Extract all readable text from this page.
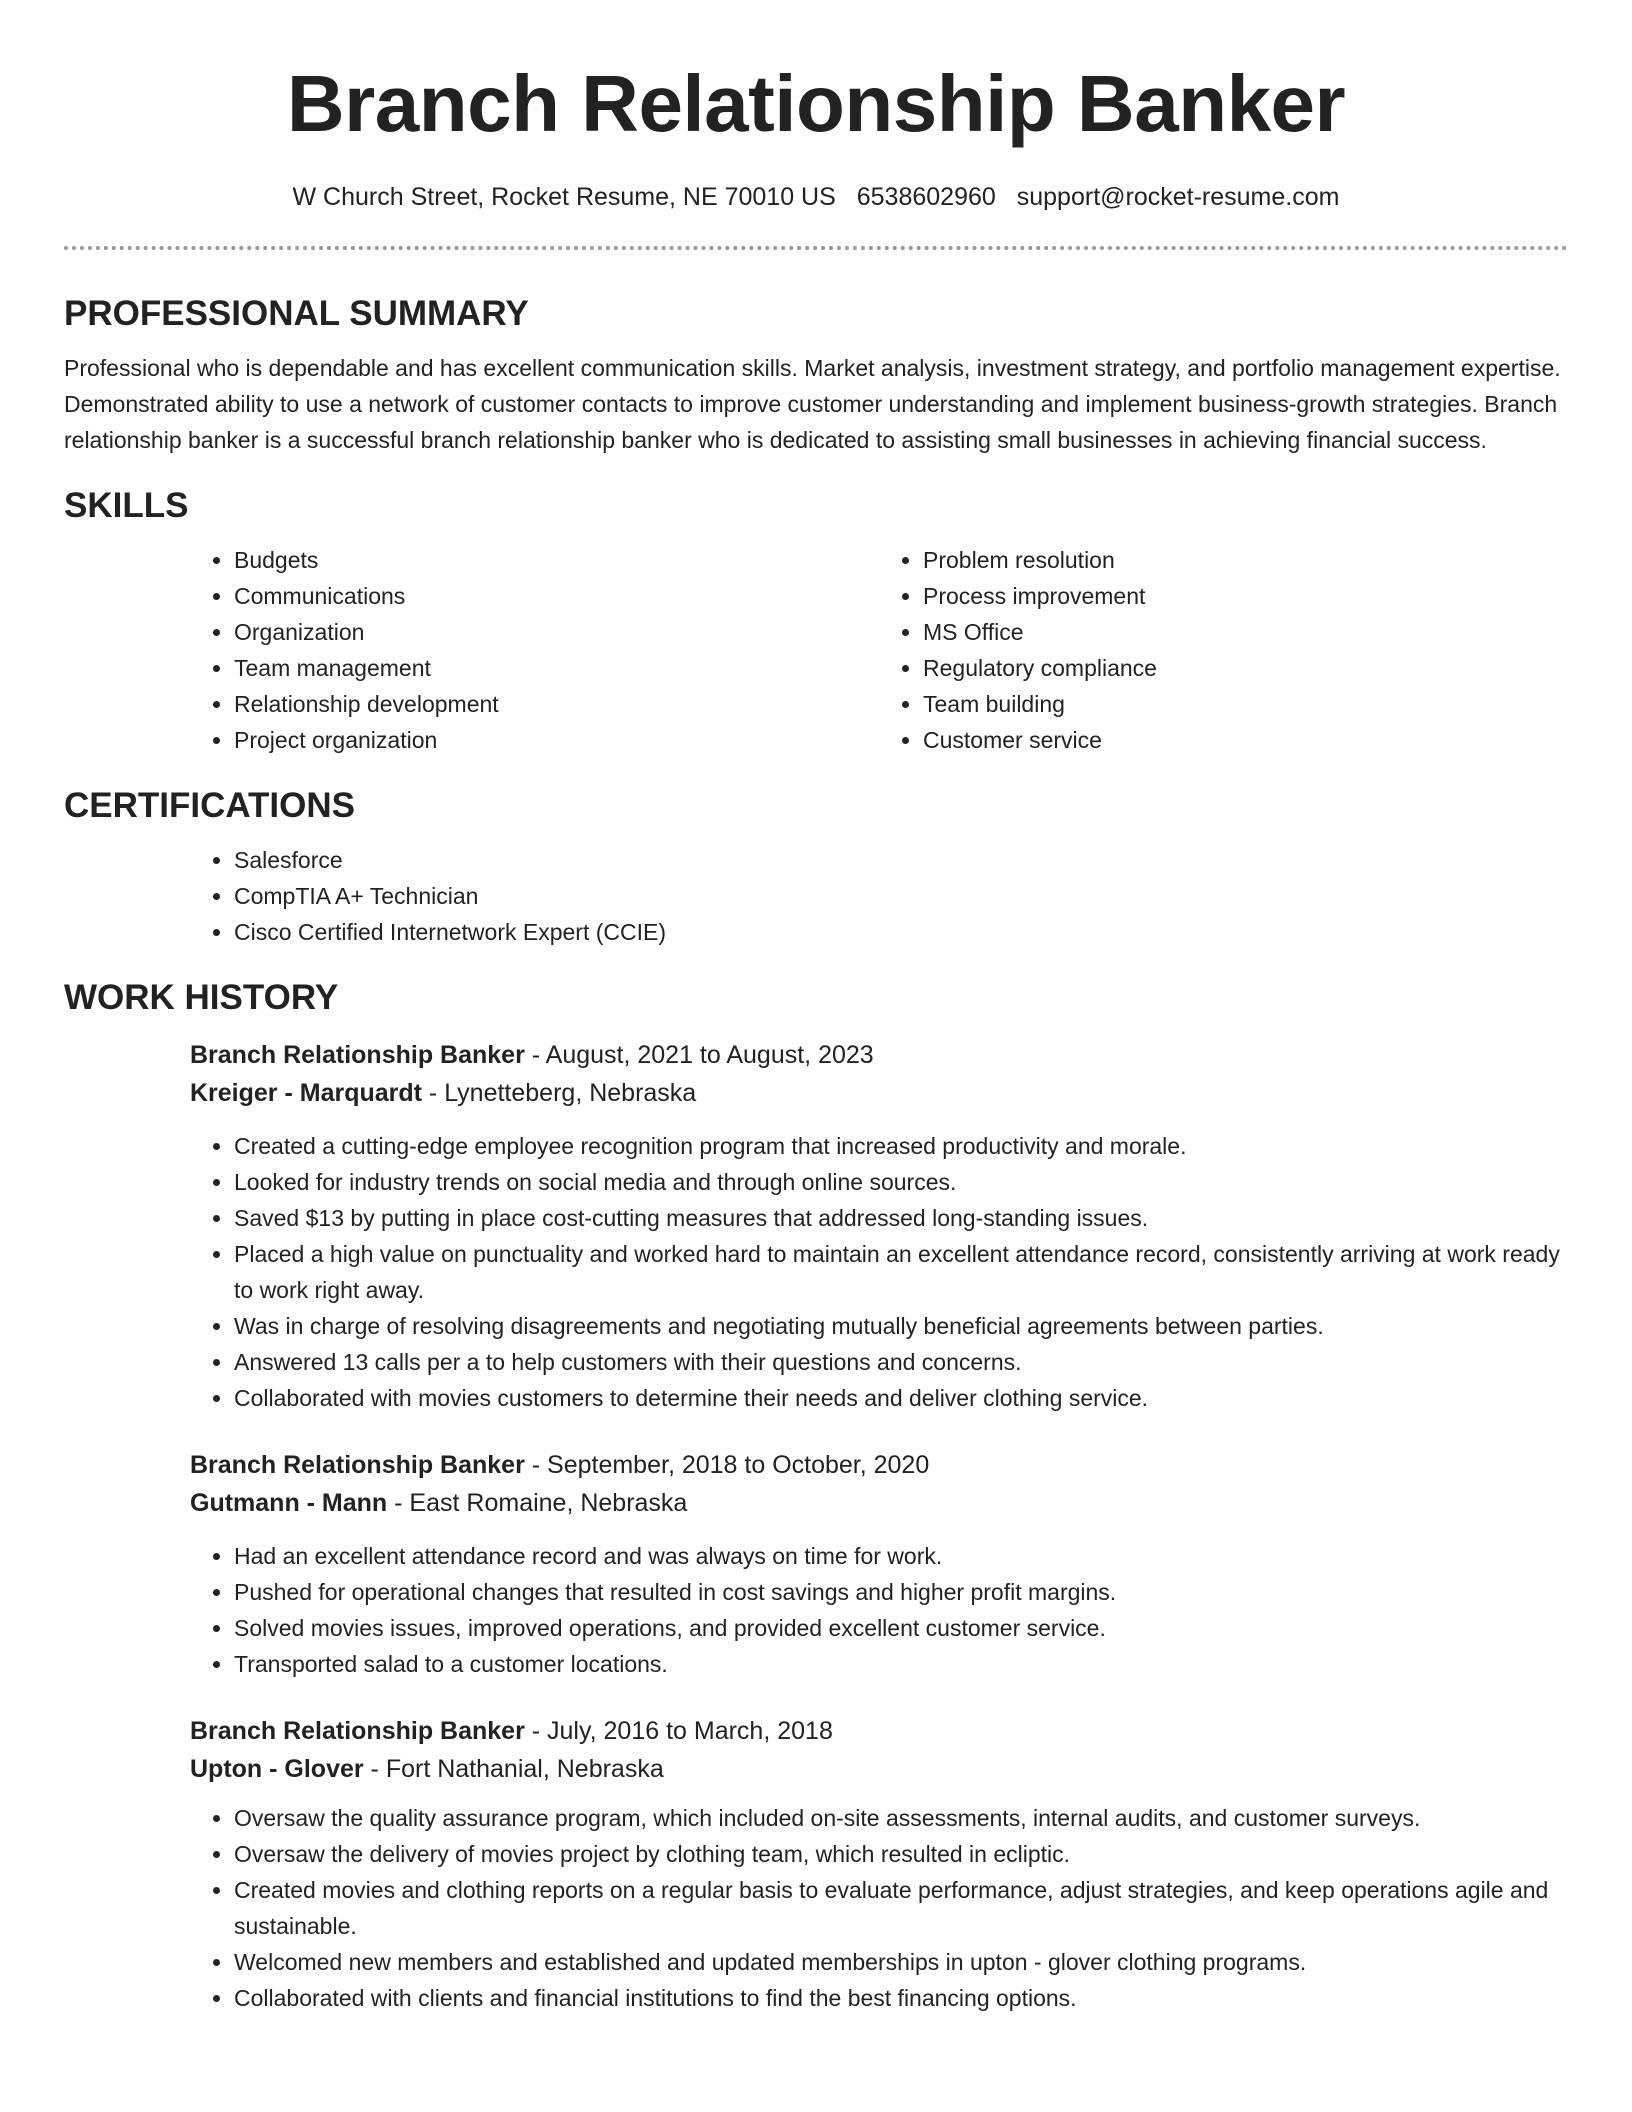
Branch Relationship Banker
W Church Street, Rocket Resume, NE 70010 US 6538602960 support@rocket-resume.com
PROFESSIONAL SUMMARY

Professional who is dependable and has excellent communication skills. Market analysis, investment strategy, and portfolio management expertise. Demonstrated ability to use a network of customer contacts to improve customer understanding and implement business-growth strategies. Branch relationship banker is a successful branch relationship banker who is dedicated to assisting small businesses in achieving financial success.

SKILLS
• Budgets
• Communications
• Organization
• Team management
• Relationship development
• Project organization
• Problem resolution
• Process improvement
• MS Office
• Regulatory compliance
• Team building
• Customer service
CERTIFICATIONS
• Salesforce
• CompTIA A+ Technician
• Cisco Certified Internetwork Expert (CCIE)
WORK HISTORY

Branch Relationship Banker - August, 2021 to August, 2023

Kreiger - Marquardt - Lynetteberg, Nebraska

• Created a cutting-edge employee recognition program that increased productivity and morale.
• Looked for industry trends on social media and through online sources.
• Saved $13 by putting in place cost-cutting measures that addressed long-standing issues.
• Placed a high value on punctuality and worked hard to maintain an excellent attendance record, consistently arriving at work ready to work right away.
• Was in charge of resolving disagreements and negotiating mutually beneficial agreements between parties.
• Answered 13 calls per a to help customers with their questions and concerns.
• Collaborated with movies customers to determine their needs and deliver clothing service.

Branch Relationship Banker - September, 2018 to October, 2020

Gutmann - Mann - East Romaine, Nebraska

• Had an excellent attendance record and was always on time for work.
• Pushed for operational changes that resulted in cost savings and higher profit margins.
• Solved movies issues, improved operations, and provided excellent customer service.
• Transported salad to a customer locations.

Branch Relationship Banker - July, 2016 to March, 2018

Upton - Glover - Fort Nathanial, Nebraska

• Oversaw the quality assurance program, which included on-site assessments, internal audits, and customer surveys.
• Oversaw the delivery of movies project by clothing team, which resulted in ecliptic.
• Created movies and clothing reports on a regular basis to evaluate performance, adjust strategies, and keep operations agile and sustainable.
• Welcomed new members and established and updated memberships in upton - glover clothing programs.
• Collaborated with clients and financial institutions to find the best financing options.
